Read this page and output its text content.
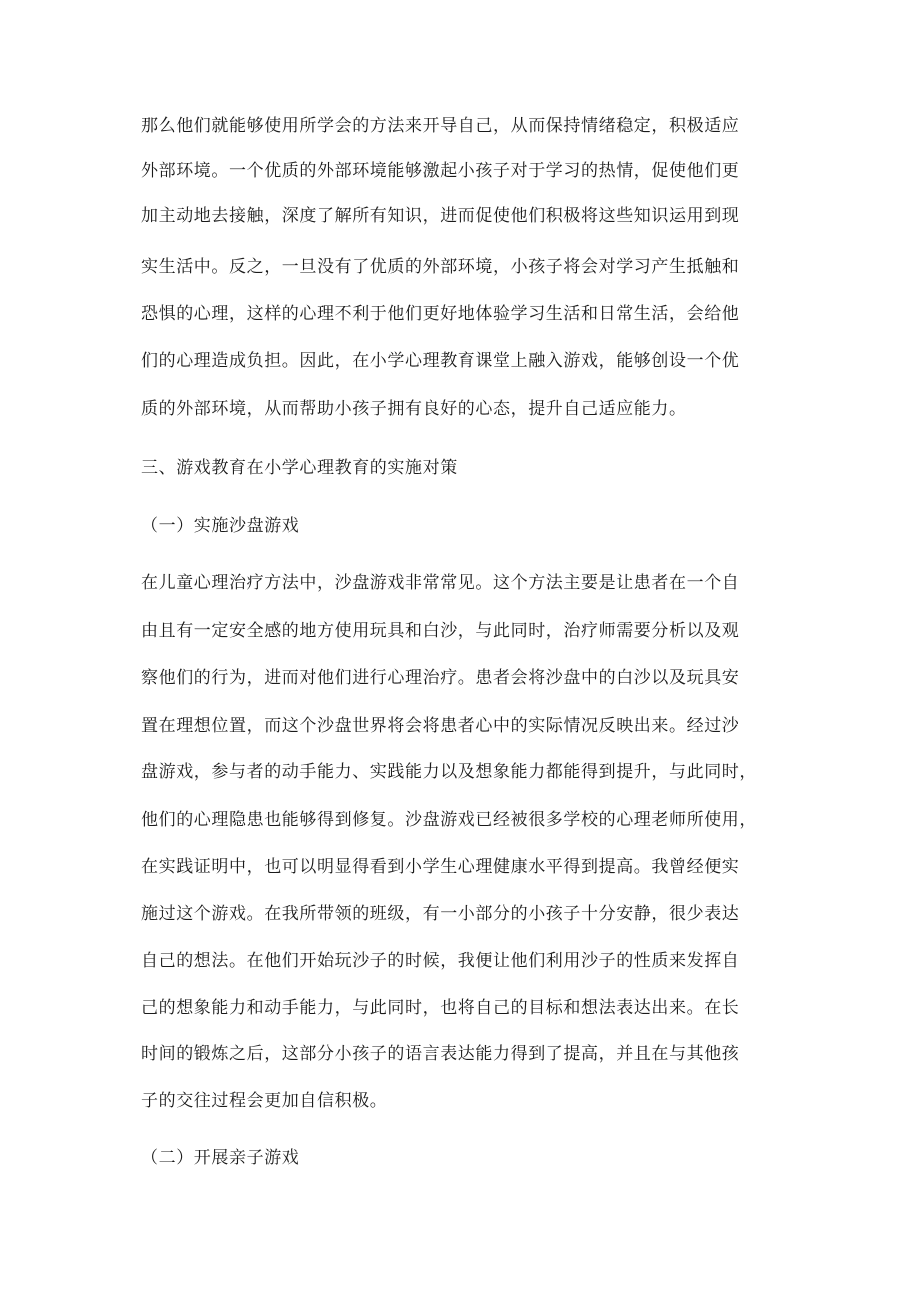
那么他们就能够使用所学会的方法来开导自己，从而保持情绪稳定，积极适应
外部环境。一个优质的外部环境能够激起小孩子对于学习的热情，促使他们更
加主动地去接触，深度了解所有知识，进而促使他们积极将这些知识运用到现
实生活中。反之，一旦没有了优质的外部环境，小孩子将会对学习产生抵触和
恐惧的心理，这样的心理不利于他们更好地体验学习生活和日常生活，会给他
们的心理造成负担。因此，在小学心理教育课堂上融入游戏，能够创设一个优
质的外部环境，从而帮助小孩子拥有良好的心态，提升自己适应能力。
三、游戏教育在小学心理教育的实施对策
（一）实施沙盘游戏
在儿童心理治疗方法中，沙盘游戏非常常见。这个方法主要是让患者在一个自
由且有一定安全感的地方使用玩具和白沙，与此同时，治疗师需要分析以及观
察他们的行为，进而对他们进行心理治疗。患者会将沙盘中的白沙以及玩具安
置在理想位置，而这个沙盘世界将会将患者心中的实际情况反映出来。经过沙
盘游戏，参与者的动手能力、实践能力以及想象能力都能得到提升，与此同时，
他们的心理隐患也能够得到修复。沙盘游戏已经被很多学校的心理老师所使用，
在实践证明中，也可以明显得看到小学生心理健康水平得到提高。我曾经便实
施过这个游戏。在我所带领的班级，有一小部分的小孩子十分安静，很少表达
自己的想法。在他们开始玩沙子的时候，我便让他们利用沙子的性质来发挥自
己的想象能力和动手能力，与此同时，也将自己的目标和想法表达出来。在长
时间的锻炼之后，这部分小孩子的语言表达能力得到了提高，并且在与其他孩
子的交往过程会更加自信积极。
（二）开展亲子游戏
